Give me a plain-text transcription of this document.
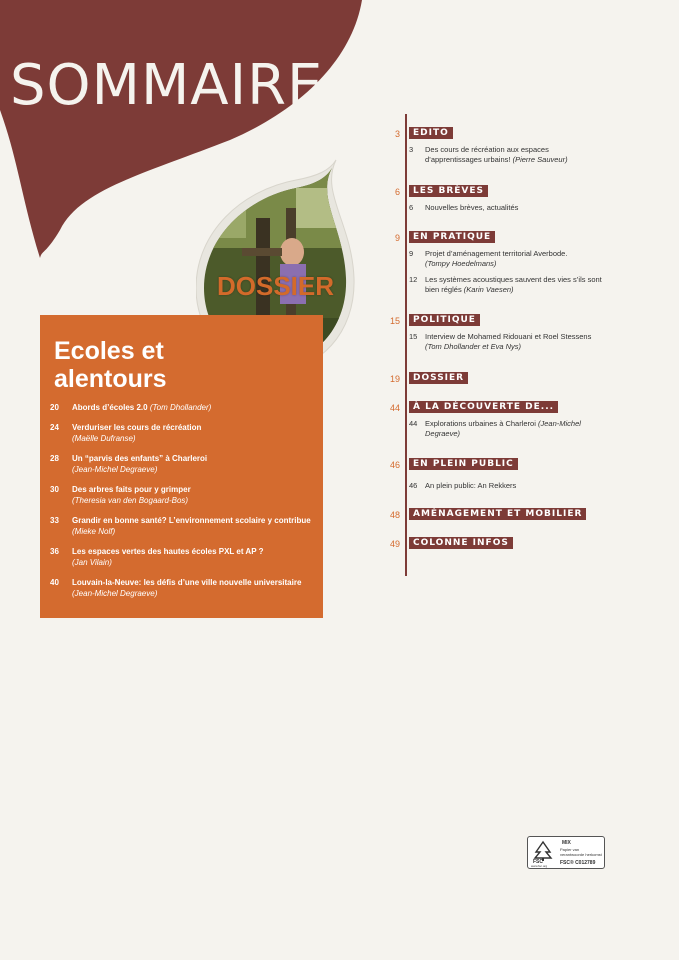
SOMMAIRE
DOSSIER
Ecoles et alentours
20	Abords d’écoles 2.0 (Tom Dhollander)
24	Verduriser les cours de récréation
(Maëlle Dufranse)
28	Un “parvis des enfants” à Charleroi
(Jean-Michel Degraeve)
30	Des arbres faits pour y grimper
(Theresia van den Bogaard-Bos)
33	Grandir en bonne santé? L’environnement scolaire y contribue (Mieke Nolf)
36	Les espaces vertes des hautes écoles PXL et AP ?
(Jan Vilain)
40	Louvain-la-Neuve: les défis d’une ville nouvelle universitaire (Jean-Michel Degraeve)
3	EDITO
3	Des cours de récréation aux espaces d’apprentissages urbains! (Pierre Sauveur)
6	LES BRÈVES
6	Nouvelles brèves, actualités
9	EN PRATIQUE
9	Projet d’aménagement territorial Averbode.
(Tompy Hoedelmans)
12	Les systèmes acoustiques sauvent des vies s’ils sont bien réglés (Karin Vaesen)
15	POLITIQUE
15	Interview de Mohamed Ridouani et Roel Stessens
(Tom Dhollander et Eva Nys)
19	DOSSIER
44	À LA DÉCOUVERTE DE...
44	Explorations urbaines à Charleroi (Jean-Michel Degraeve)
46	EN PLEIN PUBLIC
46	An plein public: An Rekkers
48	AMÉNAGEMENT ET MOBILIER
49	COLONNE INFOS
FSC
www.fsc.org
MIX
Papier van verantwoorde herkomst
FSC® C012789
